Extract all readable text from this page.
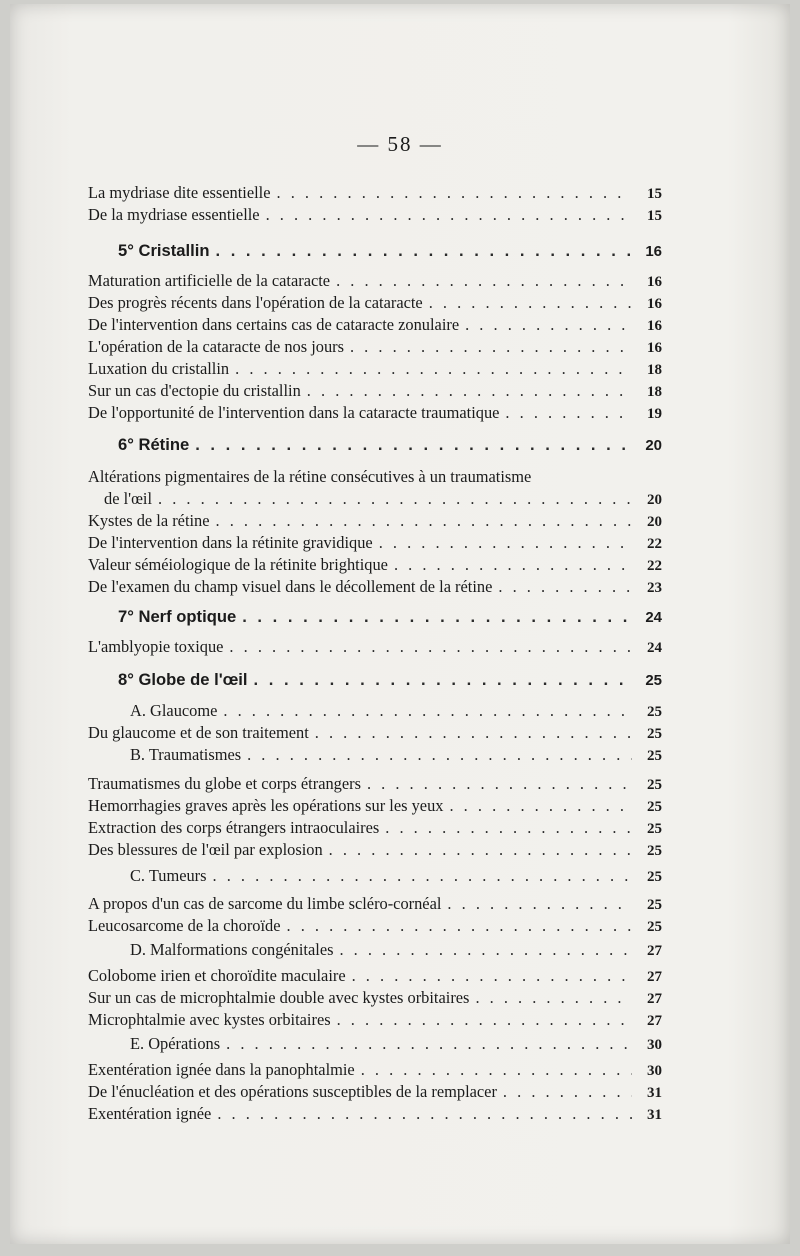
— 58 —
La mydriase dite essentielle . . .	15
De la mydriase essentielle . . .	15
5° Cristallin . . .	16
Maturation artificielle de la cataracte . . .	16
Des progrès récents dans l'opération de la cataracte . . .	16
De l'intervention dans certains cas de cataracte zonulaire . . .	16
L'opération de la cataracte de nos jours . . .	16
Luxation du cristallin . . .	18
Sur un cas d'ectopie du cristallin . . .	18
De l'opportunité de l'intervention dans la cataracte traumatique . . .	19
6° Rétine . . .	20
Altérations pigmentaires de la rétine consécutives à un traumatisme
de l'œil . . .	20
Kystes de la rétine . . .	20
De l'intervention dans la rétinite gravidique . . .	22
Valeur séméiologique de la rétinite brightique . . .	22
De l'examen du champ visuel dans le décollement de la rétine . . .	23
7° Nerf optique . . .	24
L'amblyopie toxique . . .	24
8° Globe de l'œil . . .	25
A. Glaucome . . .	25
Du glaucome et de son traitement . . .	25
B. Traumatismes . . .	25
Traumatismes du globe et corps étrangers . . .	25
Hemorrhagies graves après les opérations sur les yeux . . .	25
Extraction des corps étrangers intraoculaires . . .	25
Des blessures de l'œil par explosion . . .	25
C. Tumeurs . . .	25
A propos d'un cas de sarcome du limbe scléro-cornéal . . .	25
Leucosarcome de la choroïde . . .	25
D. Malformations congénitales . . .	27
Colobome irien et choroïdite maculaire . . .	27
Sur un cas de microphtalmie double avec kystes orbitaires . . .	27
Microphtalmie avec kystes orbitaires . . .	27
E. Opérations . . .	30
Exentération ignée dans la panophtalmie . . .	30
De l'énucléation et des opérations susceptibles de la remplacer . . .	31
Exentération ignée . . .	31
